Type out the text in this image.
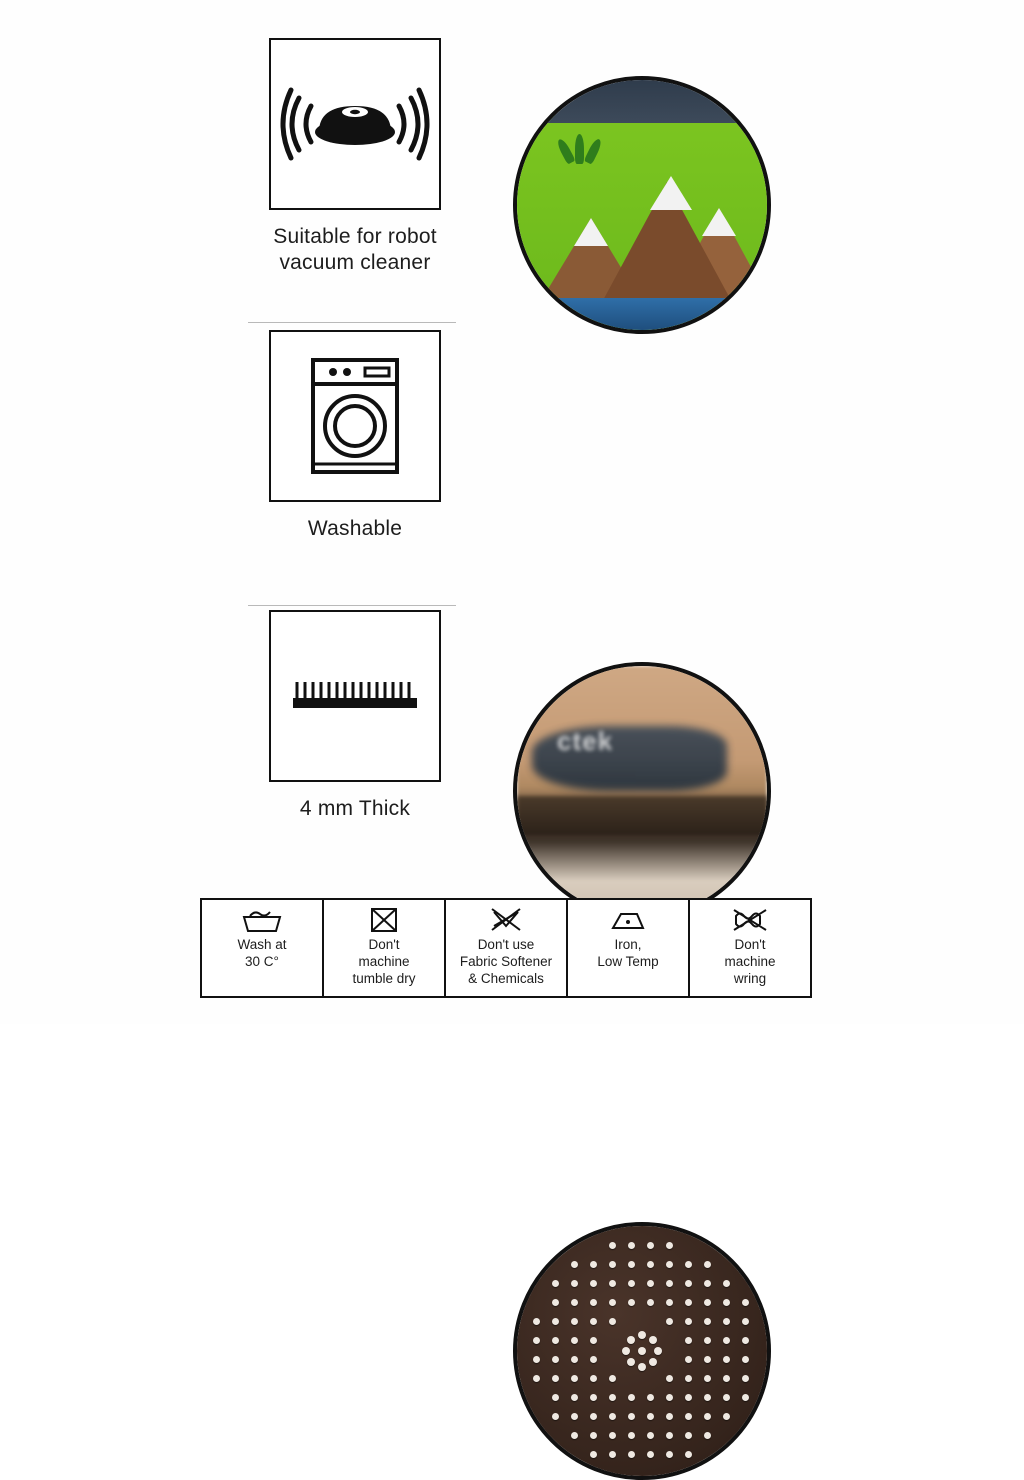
Suitable for robot
vacuum cleaner
Washable
ctek
4 mm Thick
Wash at
30 C°
Don't
machine
tumble dry
Don't use
Fabric Softener
& Chemicals
Iron,
Low Temp
Don't
machine
wring
